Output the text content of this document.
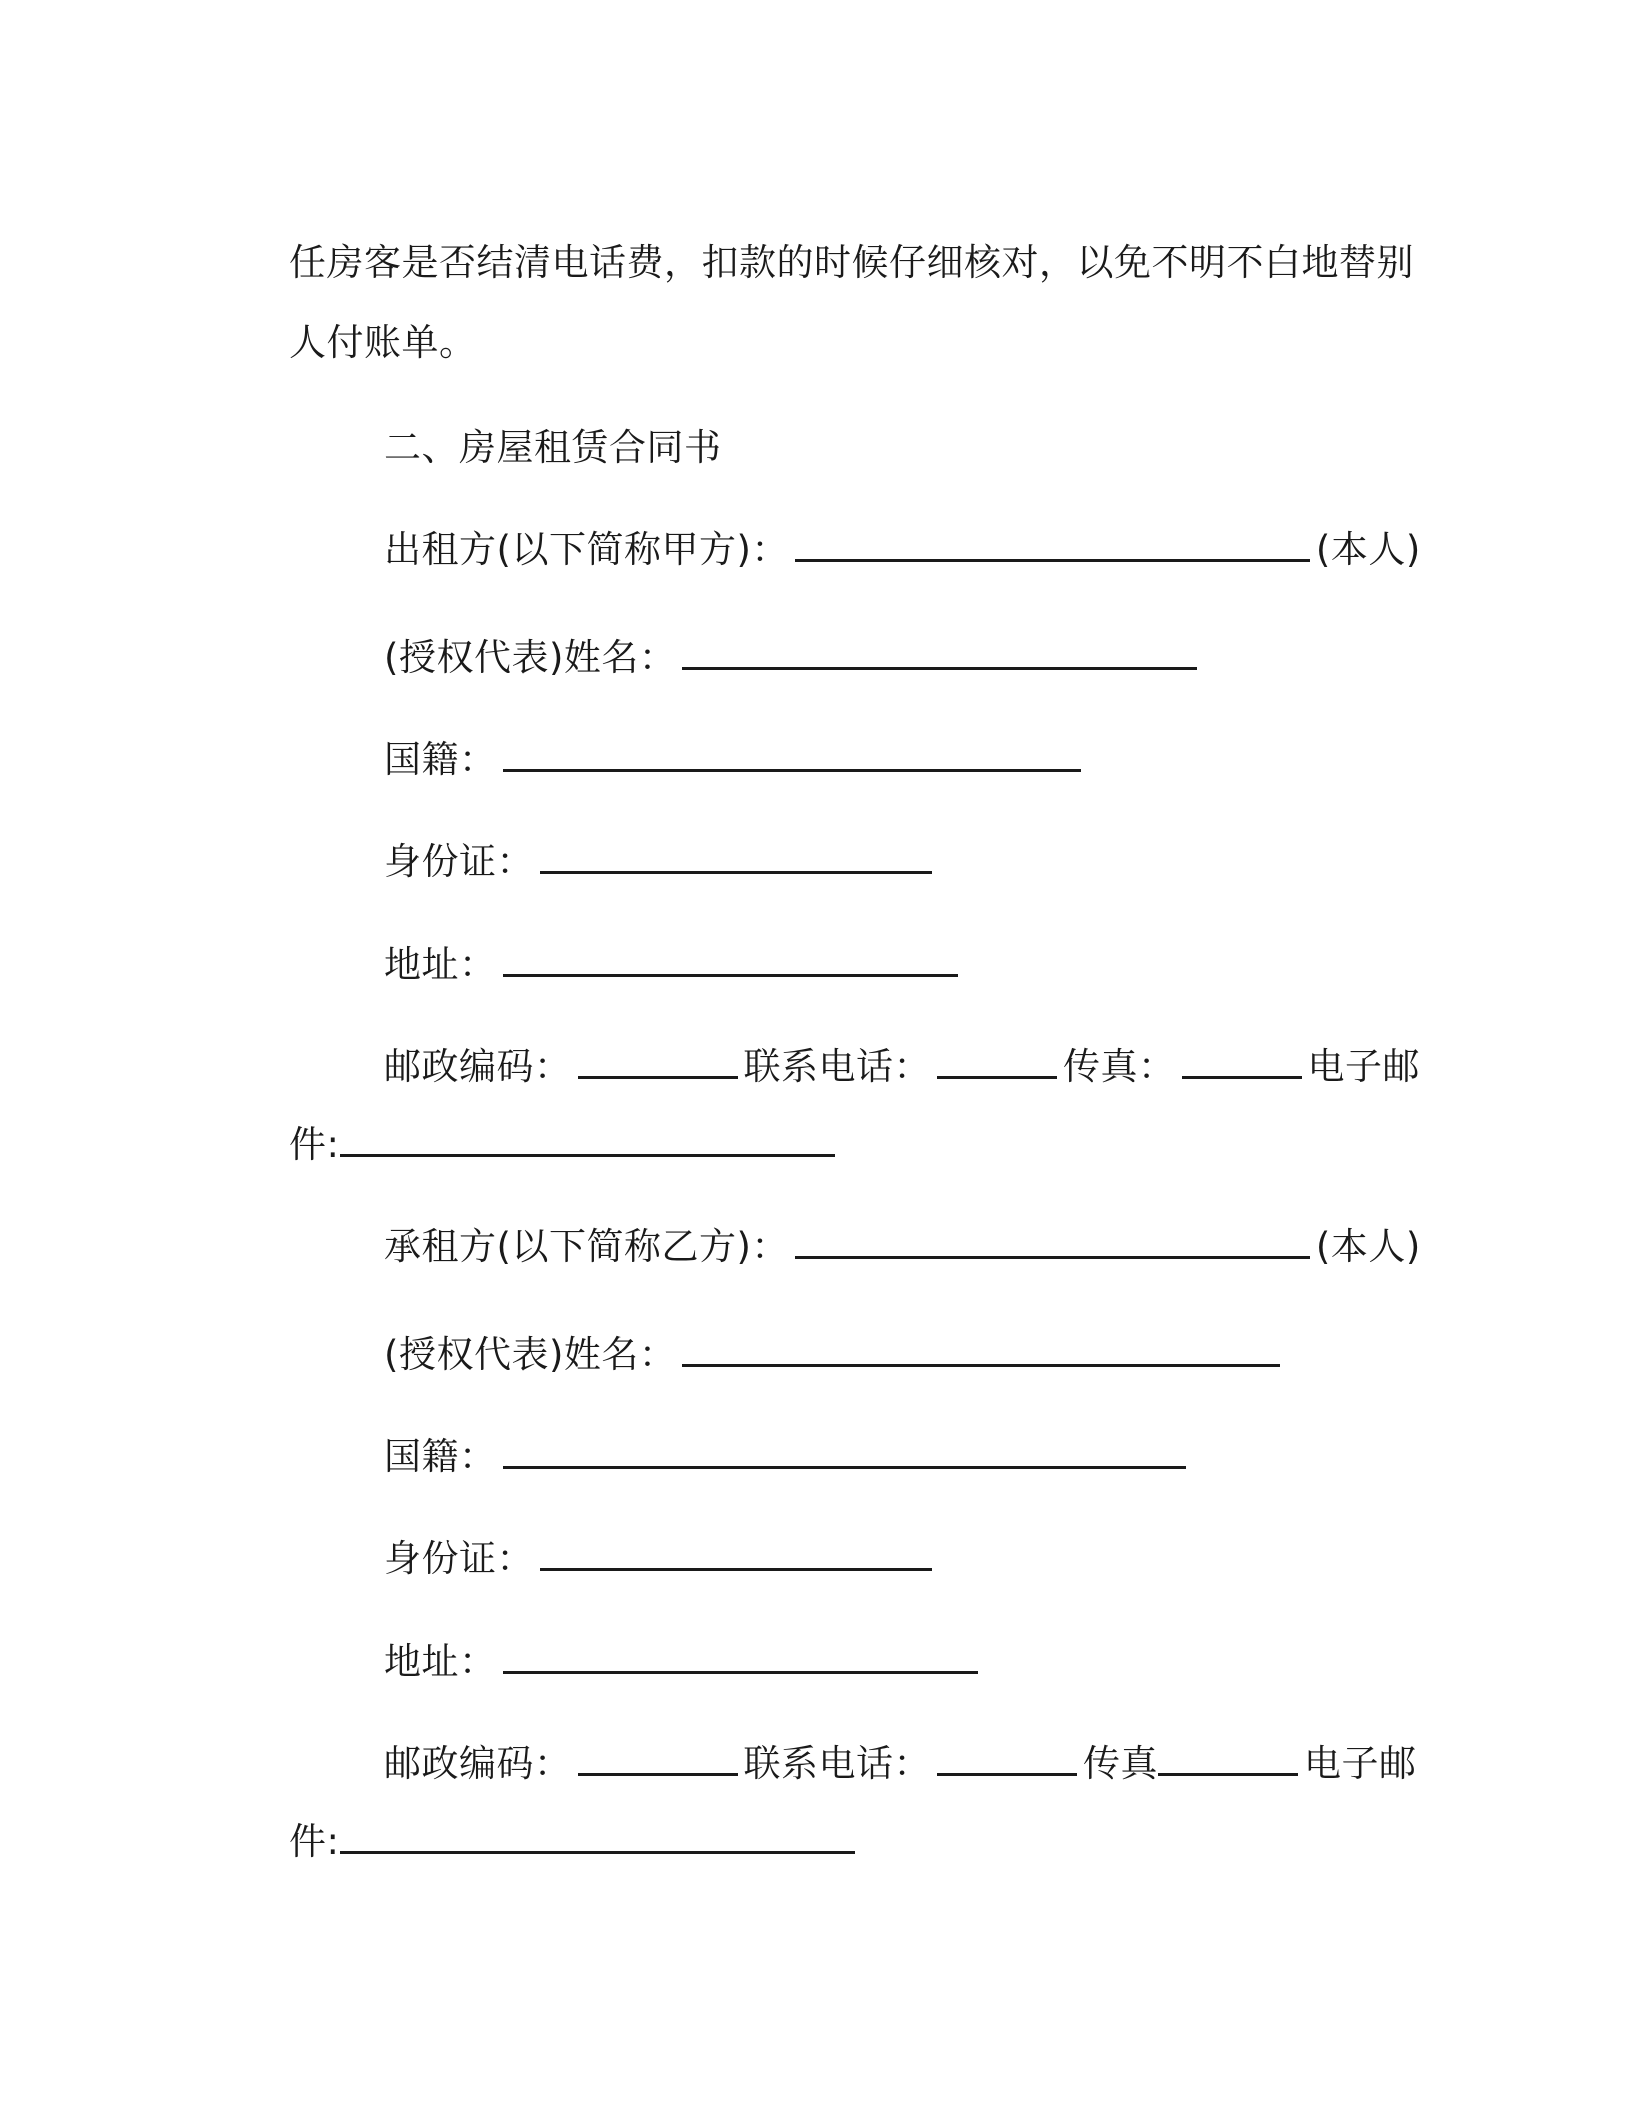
任房客是否结清电话费，扣款的时候仔细核对，以免不明不白地替别

人付账单。

二、房屋租赁合同书

出租方(以下简称甲方)：	(本人)

(授权代表)姓名：

国籍：

身份证：

地址：

邮政编码：	联系电话：	传真：	电子邮

件:

承租方(以下简称乙方)：	(本人)

(授权代表)姓名：

国籍：

身份证：

地址：

邮政编码：	联系电话：	传真	电子邮

件:
